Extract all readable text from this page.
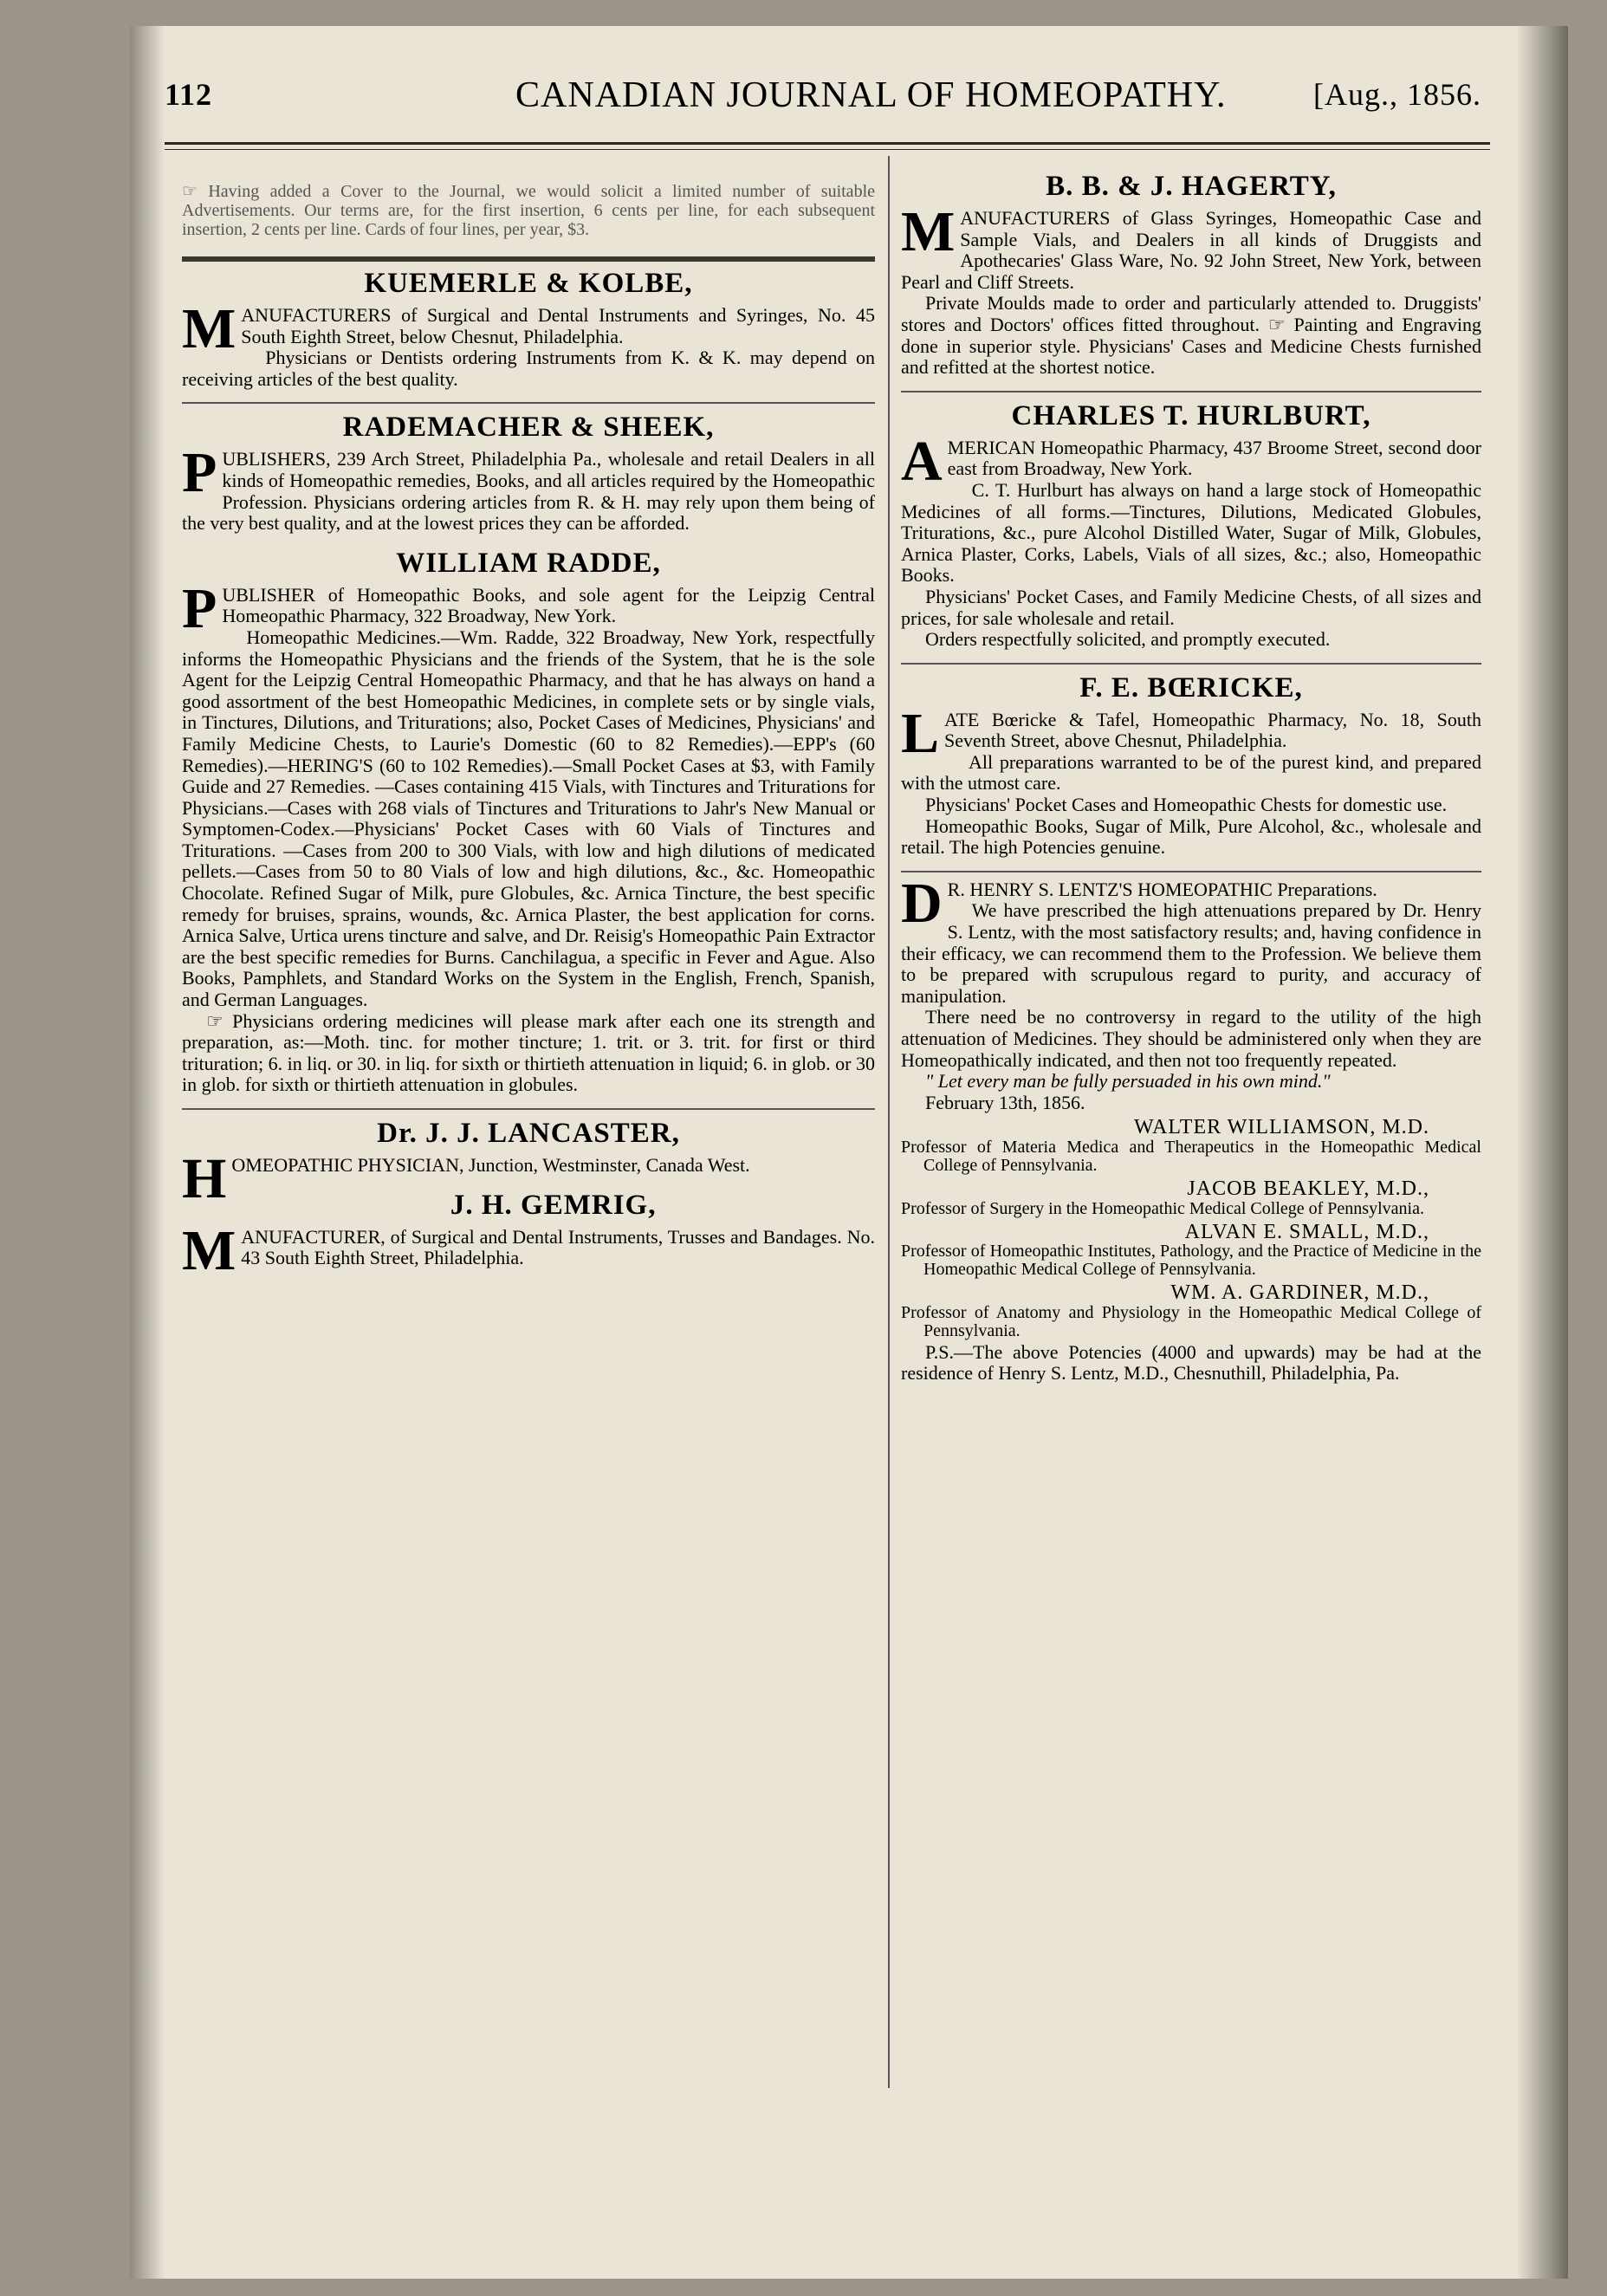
112	CANADIAN JOURNAL OF HOMEOPATHY.	[Aug., 1856.

☞ Having added a Cover to the Journal, we would solicit a limited number of suitable Advertisements. Our terms are, for the first insertion, 6 cents per line, for each subsequent insertion, 2 cents per line. Cards of four lines, per year, $3.

KUEMERLE & KOLBE,

MANUFACTURERS of Surgical and Dental Instruments and Syringes, No. 45 South Eighth Street, below Chesnut, Philadelphia.

Physicians or Dentists ordering Instruments from K. & K. may depend on receiving articles of the best quality.

RADEMACHER & SHEEK,

PUBLISHERS, 239 Arch Street, Philadelphia Pa., wholesale and retail Dealers in all kinds of Homeopathic remedies, Books, and all articles required by the Homeopathic Profession. Physicians ordering articles from R. & H. may rely upon them being of the very best quality, and at the lowest prices they can be afforded.

WILLIAM RADDE,

PUBLISHER of Homeopathic Books, and sole agent for the Leipzig Central Homeopathic Pharmacy, 322 Broadway, New York.

Homeopathic Medicines.—Wm. Radde, 322 Broadway, New York, respectfully informs the Homeopathic Physicians and the friends of the System, that he is the sole Agent for the Leipzig Central Homeopathic Pharmacy, and that he has always on hand a good assortment of the best Homeopathic Medicines, in complete sets or by single vials, in Tinctures, Dilutions, and Triturations; also, Pocket Cases of Medicines, Physicians' and Family Medicine Chests, to Laurie's Domestic (60 to 82 Remedies).—EPP's (60 Remedies).—HERING'S (60 to 102 Remedies).—Small Pocket Cases at $3, with Family Guide and 27 Remedies. —Cases containing 415 Vials, with Tinctures and Triturations for Physicians.—Cases with 268 vials of Tinctures and Triturations to Jahr's New Manual or Symptomen-Codex.—Physicians' Pocket Cases with 60 Vials of Tinctures and Triturations. —Cases from 200 to 300 Vials, with low and high dilutions of medicated pellets.—Cases from 50 to 80 Vials of low and high dilutions, &c., &c. Homeopathic Chocolate. Refined Sugar of Milk, pure Globules, &c. Arnica Tincture, the best specific remedy for bruises, sprains, wounds, &c. Arnica Plaster, the best application for corns. Arnica Salve, Urtica urens tincture and salve, and Dr. Reisig's Homeopathic Pain Extractor are the best specific remedies for Burns. Canchilagua, a specific in Fever and Ague. Also Books, Pamphlets, and Standard Works on the System in the English, French, Spanish, and German Languages.

☞ Physicians ordering medicines will please mark after each one its strength and preparation, as:—Moth. tinc. for mother tincture; 1. trit. or 3. trit. for first or third trituration; 6. in liq. or 30. in liq. for sixth or thirtieth attenuation in liquid; 6. in glob. or 30 in glob. for sixth or thirtieth attenuation in globules.

Dr. J. J. LANCASTER,

HOMEOPATHIC PHYSICIAN, Junction, Westminster, Canada West.

J. H. GEMRIG,

MANUFACTURER, of Surgical and Dental Instruments, Trusses and Bandages. No. 43 South Eighth Street, Philadelphia.

B. B. & J. HAGERTY,

MANUFACTURERS of Glass Syringes, Homeopathic Case and Sample Vials, and Dealers in all kinds of Druggists and Apothecaries' Glass Ware, No. 92 John Street, New York, between Pearl and Cliff Streets.

Private Moulds made to order and particularly attended to. Druggists' stores and Doctors' offices fitted throughout. ☞ Painting and Engraving done in superior style. Physicians' Cases and Medicine Chests furnished and refitted at the shortest notice.

CHARLES T. HURLBURT,

AMERICAN Homeopathic Pharmacy, 437 Broome Street, second door east from Broadway, New York.

C. T. Hurlburt has always on hand a large stock of Homeopathic Medicines of all forms.—Tinctures, Dilutions, Medicated Globules, Triturations, &c., pure Alcohol Distilled Water, Sugar of Milk, Globules, Arnica Plaster, Corks, Labels, Vials of all sizes, &c.; also, Homeopathic Books.

Physicians' Pocket Cases, and Family Medicine Chests, of all sizes and prices, for sale wholesale and retail.

Orders respectfully solicited, and promptly executed.

F. E. BŒRICKE,

LATE Bœricke & Tafel, Homeopathic Pharmacy, No. 18, South Seventh Street, above Chesnut, Philadelphia.

All preparations warranted to be of the purest kind, and prepared with the utmost care.

Physicians' Pocket Cases and Homeopathic Chests for domestic use.

Homeopathic Books, Sugar of Milk, Pure Alcohol, &c., wholesale and retail. The high Potencies genuine.

DR. HENRY S. LENTZ'S HOMEOPATHIC Preparations.

We have prescribed the high attenuations prepared by Dr. Henry S. Lentz, with the most satisfactory results; and, having confidence in their efficacy, we can recommend them to the Profession. We believe them to be prepared with scrupulous regard to purity, and accuracy of manipulation.

There need be no controversy in regard to the utility of the high attenuation of Medicines. They should be administered only when they are Homeopathically indicated, and then not too frequently repeated.

" Let every man be fully persuaded in his own mind."

February 13th, 1856.

WALTER WILLIAMSON, M.D.
Professor of Materia Medica and Therapeutics in the Homeopathic Medical College of Pennsylvania.
JACOB BEAKLEY, M.D.,
Professor of Surgery in the Homeopathic Medical College of Pennsylvania.
ALVAN E. SMALL, M.D.,
Professor of Homeopathic Institutes, Pathology, and the Practice of Medicine in the Homeopathic Medical College of Pennsylvania.
WM. A. GARDINER, M.D.,
Professor of Anatomy and Physiology in the Homeopathic Medical College of Pennsylvania.

P.S.—The above Potencies (4000 and upwards) may be had at the residence of Henry S. Lentz, M.D., Chesnuthill, Philadelphia, Pa.
